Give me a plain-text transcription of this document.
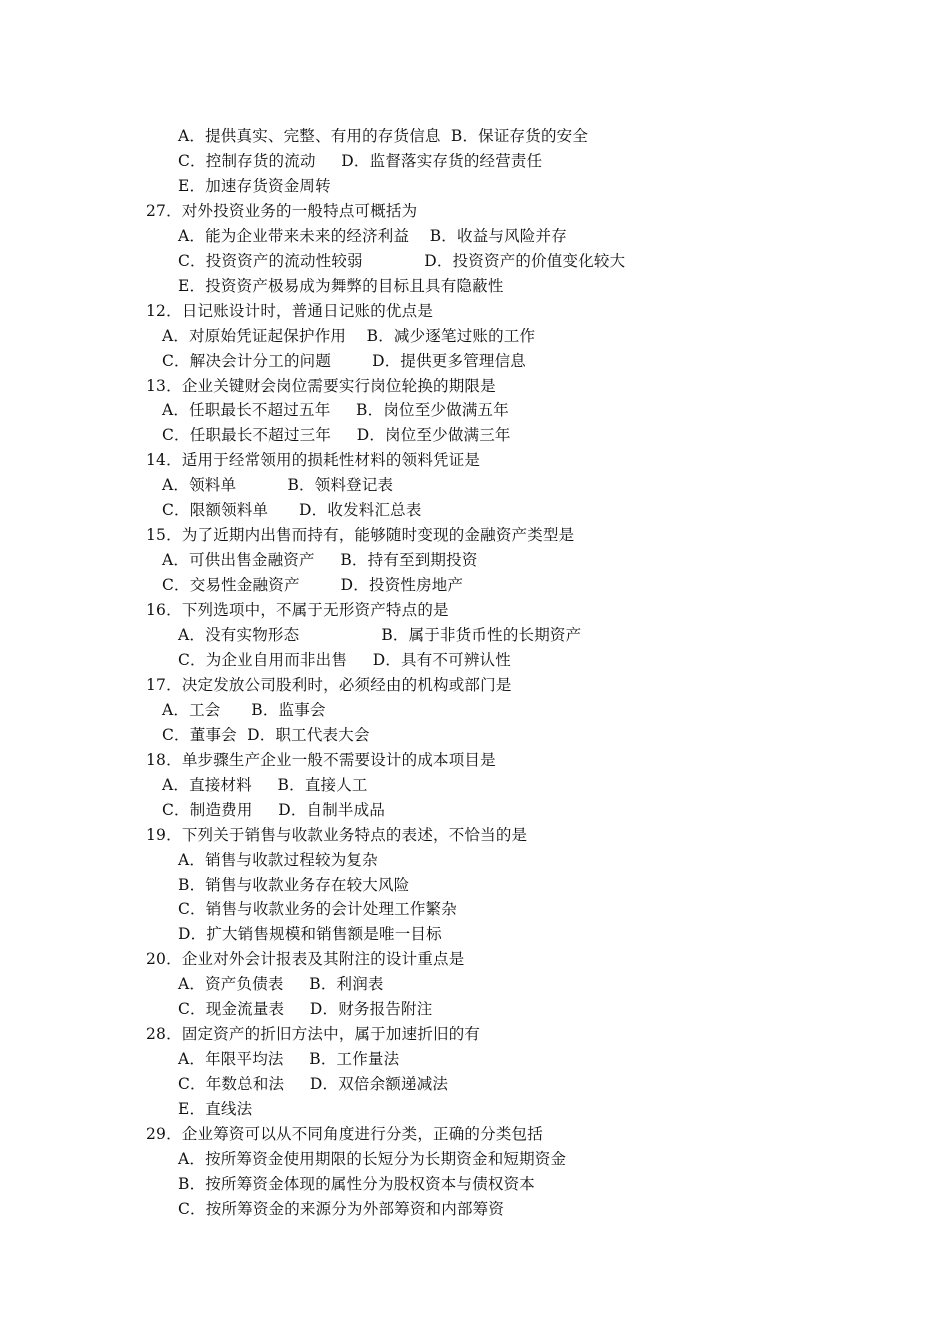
A．提供真实、完整、有用的存货信息  B．保证存货的安全
C．控制存货的流动     D．监督落实存货的经营责任
E．加速存货资金周转
27．对外投资业务的一般特点可概括为
A．能为企业带来未来的经济利益    B．收益与风险并存
C．投资资产的流动性较弱            D．投资资产的价值变化较大
E．投资资产极易成为舞弊的目标且具有隐蔽性
12．日记账设计时，普通日记账的优点是
A．对原始凭证起保护作用    B．减少逐笔过账的工作
C．解决会计分工的问题        D．提供更多管理信息
13．企业关键财会岗位需要实行岗位轮换的期限是
A．任职最长不超过五年     B．岗位至少做满五年
C．任职最长不超过三年     D．岗位至少做满三年
14．适用于经常领用的损耗性材料的领料凭证是
A．领料单          B．领料登记表
C．限额领料单      D．收发料汇总表
15．为了近期内出售而持有，能够随时变现的金融资产类型是
A．可供出售金融资产     B．持有至到期投资
C．交易性金融资产        D．投资性房地产
16．下列选项中，不属于无形资产特点的是
A．没有实物形态                B．属于非货币性的长期资产
C．为企业自用而非出售     D．具有不可辨认性
17．决定发放公司股利时，必须经由的机构或部门是
A．工会      B．监事会
C．董事会  D．职工代表大会
18．单步骤生产企业一般不需要设计的成本项目是
A．直接材料     B．直接人工
C．制造费用     D．自制半成品
19．下列关于销售与收款业务特点的表述，不恰当的是
A．销售与收款过程较为复杂
B．销售与收款业务存在较大风险
C．销售与收款业务的会计处理工作繁杂
D．扩大销售规模和销售额是唯一目标
20．企业对外会计报表及其附注的设计重点是
A．资产负债表     B．利润表
C．现金流量表     D．财务报告附注
28．固定资产的折旧方法中，属于加速折旧的有
A．年限平均法     B．工作量法
C．年数总和法     D．双倍余额递减法
E．直线法
29．企业筹资可以从不同角度进行分类，正确的分类包括
A．按所筹资金使用期限的长短分为长期资金和短期资金
B．按所筹资金体现的属性分为股权资本与债权资本
C．按所筹资金的来源分为外部筹资和内部筹资
